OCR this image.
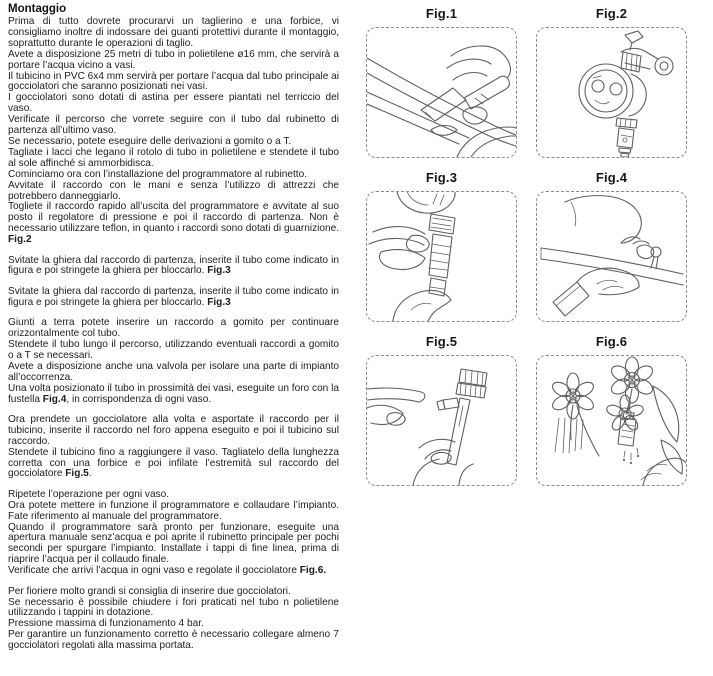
Montaggio

Prima di tutto dovrete procurarvi un taglierino e una forbice, vi consigliamo inoltre di indossare dei guanti protettivi durante il montaggio, soprattutto durante le operazioni di taglio.

Avete a disposizione 25 metri di tubo in polietilene ø16 mm, che servirà a portare l’acqua vicino a vasi.

Il tubicino in PVC 6x4 mm servirà per portare l’acqua dal tubo principale ai gocciolatori che saranno posizionati nei vasi.

I gocciolatori sono dotati di astina per essere piantati nel terriccio del vaso.

Verificate il percorso che vorrete seguire con il tubo dal rubinetto di partenza all’ultimo vaso.

Se necessario, potete eseguire delle derivazioni a gomito o a T.

Tagliate i lacci che legano il rotolo di tubo in polietilene e stendete il tubo al sole affinché si ammorbidisca.

Cominciamo ora con l’installazione del programmatore al rubinetto.

Avvitate il raccordo con le mani e senza l’utilizzo di attrezzi che potrebbero danneggiarlo.

Togliete il raccordo rapido all’uscita del programmatore e avvitate al suo posto il regolatore di pressione e poi il raccordo di partenza. Non è necessario utilizzare teflon, in quanto i raccordi sono dotati di guarnizione. Fig.2

Svitate la ghiera dal raccordo di partenza, inserite il tubo come indicato in figura e poi stringete la ghiera per bloccarlo. Fig.3

Svitate la ghiera dal raccordo di partenza, inserite il tubo come indicato in figura e poi stringete la ghiera per bloccarlo. Fig.3

Giunti a terra potete inserire un raccordo a gomito per continuare orizzontalmente col tubo.

Stendete il tubo lungo il percorso, utilizzando eventuali raccordi a gomito o a T se necessari.

Avete a disposizione anche una valvola per isolare una parte di impianto all’occorrenza.

Una volta posizionato il tubo in prossimità dei vasi, eseguite un foro con la fustella Fig.4, in corrispondenza di ogni vaso.

Ora prendete un gocciolatore alla volta e asportate il raccordo per il tubicino, inserite il raccordo nel foro appena eseguito e poi il tubicino sul raccordo.

Stendete il tubicino fino a raggiungere il vaso. Tagliatelo della lunghezza corretta con una forbice e poi infilate l’estremità sul raccordo del gocciolatore Fig.5.

Ripetete l’operazione per ogni vaso.

Ora potete mettere in funzione il programmatore e collaudare l’impianto. Fate riferimento al manuale del programmatore.

Quando il programmatore sarà pronto per funzionare, eseguite una apertura manuale senz’acqua e poi aprite il rubinetto principale per pochi secondi per spurgare l’impianto. Installate i tappi di fine linea, prima di riaprire l’acqua per il collaudo finale.

Verificate che arrivi l’acqua in ogni vaso e regolate il gocciolatore Fig.6.

Per fioriere molto grandi si consiglia di inserire due gocciolatori.

Se necessario è possibile chiudere i fori praticati nel tubo n polietilene utilizzando i tappini in dotazione.

Pressione massima di funzionamento 4 bar.

Per garantire un funzionamento corretto è necessario collegare almeno 7 gocciolatori regolati alla massima portata.

Fig.1	Fig.2
Fig.3	Fig.4
Fig.5	Fig.6
